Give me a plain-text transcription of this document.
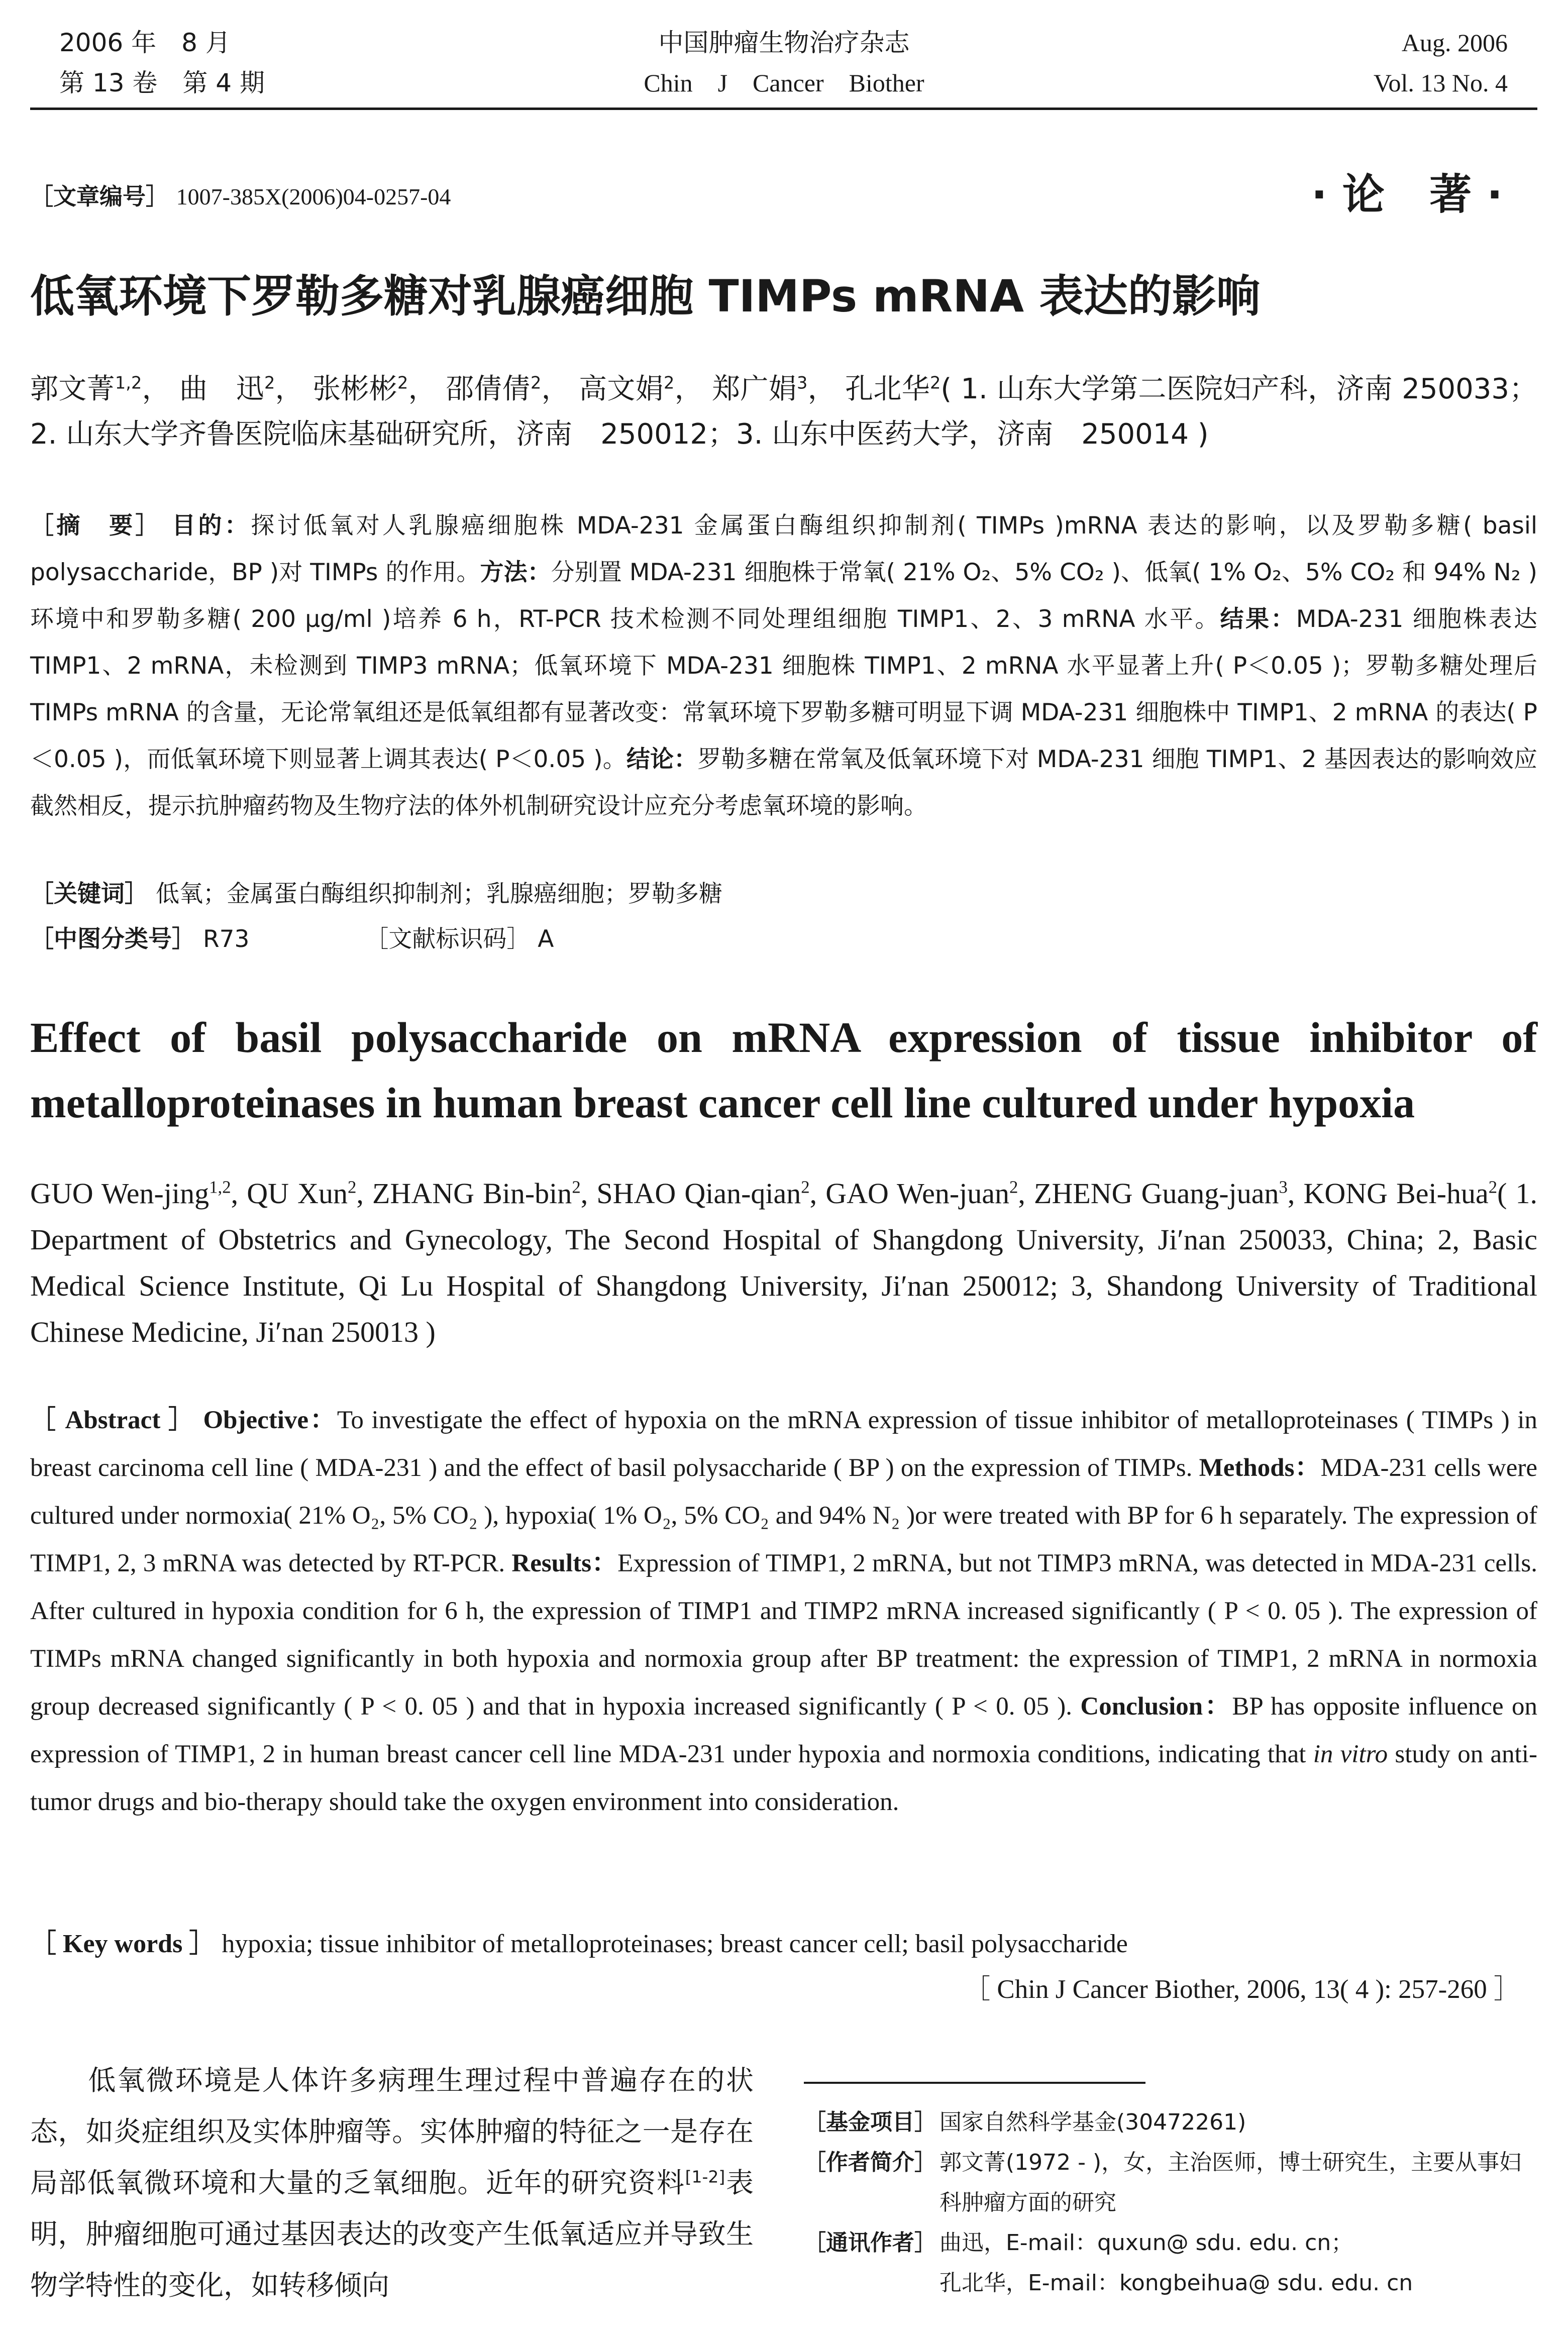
2006 年　8 月
第 13 卷　第 4 期
中国肿瘤生物治疗杂志
Chin　J　Cancer　Biother
Aug. 2006
Vol. 13 No. 4
［文章编号］ 1007-385X(2006)04-0257-04	·论 著·
低氧环境下罗勒多糖对乳腺癌细胞 TIMPs mRNA 表达的影响
郭文菁$^{1,2}$， 曲　迅$^2$， 张彬彬$^2$， 邵倩倩$^2$， 高文娟$^2$， 郑广娟$^3$， 孔北华$^2$( 1. 山东大学第二医院妇产科，济南 250033；2. 山东大学齐鲁医院临床基础研究所，济南　250012；3. 山东中医药大学，济南　250014 )
［摘　要］ 目的：探讨低氧对人乳腺癌细胞株 MDA-231 金属蛋白酶组织抑制剂( TIMPs )mRNA 表达的影响，以及罗勒多糖( basil polysaccharide，BP )对 TIMPs 的作用。方法：分别置 MDA-231 细胞株于常氧( 21% O₂、5% CO₂ )、低氧( 1% O₂、5% CO₂ 和 94% N₂ )环境中和罗勒多糖( 200 μg/ml )培养 6 h，RT-PCR 技术检测不同处理组细胞 TIMP1、2、3 mRNA 水平。结果：MDA-231 细胞株表达 TIMP1、2 mRNA，未检测到 TIMP3 mRNA；低氧环境下 MDA-231 细胞株 TIMP1、2 mRNA 水平显著上升( P＜0.05 )；罗勒多糖处理后 TIMPs mRNA 的含量，无论常氧组还是低氧组都有显著改变：常氧环境下罗勒多糖可明显下调 MDA-231 细胞株中 TIMP1、2 mRNA 的表达( P＜0.05 )，而低氧环境下则显著上调其表达( P＜0.05 )。结论：罗勒多糖在常氧及低氧环境下对 MDA-231 细胞 TIMP1、2 基因表达的影响效应截然相反，提示抗肿瘤药物及生物疗法的体外机制研究设计应充分考虑氧环境的影响。
［关键词］ 低氧；金属蛋白酶组织抑制剂；乳腺癌细胞；罗勒多糖
［中图分类号］ R73	［文献标识码］ A
Effect of basil polysaccharide on mRNA expression of tissue inhibitor of metalloproteinases in human breast cancer cell line cultured under hypoxia
GUO Wen-jing$^{1,2}$, QU Xun$^2$, ZHANG Bin-bin$^2$, SHAO Qian-qian$^2$, GAO Wen-juan$^2$, ZHENG Guang-juan$^3$, KONG Bei-hua$^2$( 1. Department of Obstetrics and Gynecology, The Second Hospital of Shangdong University, Ji′nan 250033, China; 2, Basic Medical Science Institute, Qi Lu Hospital of Shangdong University, Ji′nan 250012; 3, Shandong University of Traditional Chinese Medicine, Ji′nan 250013 )
［ Abstract ］ Objective：To investigate the effect of hypoxia on the mRNA expression of tissue inhibitor of metalloproteinases ( TIMPs ) in breast carcinoma cell line ( MDA-231 ) and the effect of basil polysaccharide ( BP ) on the expression of TIMPs. Methods：MDA-231 cells were cultured under normoxia( 21% O₂, 5% CO₂ ), hypoxia( 1% O₂, 5% CO₂ and 94% N₂ )or were treated with BP for 6 h separately. The expression of TIMP1, 2, 3 mRNA was detected by RT-PCR. Results：Expression of TIMP1, 2 mRNA, but not TIMP3 mRNA, was detected in MDA-231 cells. After cultured in hypoxia condition for 6 h, the expression of TIMP1 and TIMP2 mRNA increased significantly ( P < 0. 05 ). The expression of TIMPs mRNA changed significantly in both hypoxia and normoxia group after BP treatment: the expression of TIMP1, 2 mRNA in normoxia group decreased significantly ( P < 0. 05 ) and that in hypoxia increased significantly ( P < 0. 05 ). Conclusion：BP has opposite influence on expression of TIMP1, 2 in human breast cancer cell line MDA-231 under hypoxia and normoxia conditions, indicating that in vitro study on anti-tumor drugs and bio-therapy should take the oxygen environment into consideration.
［ Key words ］ hypoxia; tissue inhibitor of metalloproteinases; breast cancer cell; basil polysaccharide
［ Chin J Cancer Biother, 2006, 13( 4 ): 257-260 ］
　　低氧微环境是人体许多病理生理过程中普遍存在的状态，如炎症组织及实体肿瘤等。实体肿瘤的特征之一是存在局部低氧微环境和大量的乏氧细胞。近年的研究资料[1-2]表明，肿瘤细胞可通过基因表达的改变产生低氧适应并导致生物学特性的变化，如转移倾向
［基金项目］ 国家自然科学基金(30472261)
［作者简介］ 郭文菁(1972 - )，女，主治医师，博士研究生，主要从事妇科肿瘤方面的研究
［通讯作者］ 曲迅，E-mail：quxun@ sdu. edu. cn；
孔北华，E-mail：kongbeihua@ sdu. edu. cn
